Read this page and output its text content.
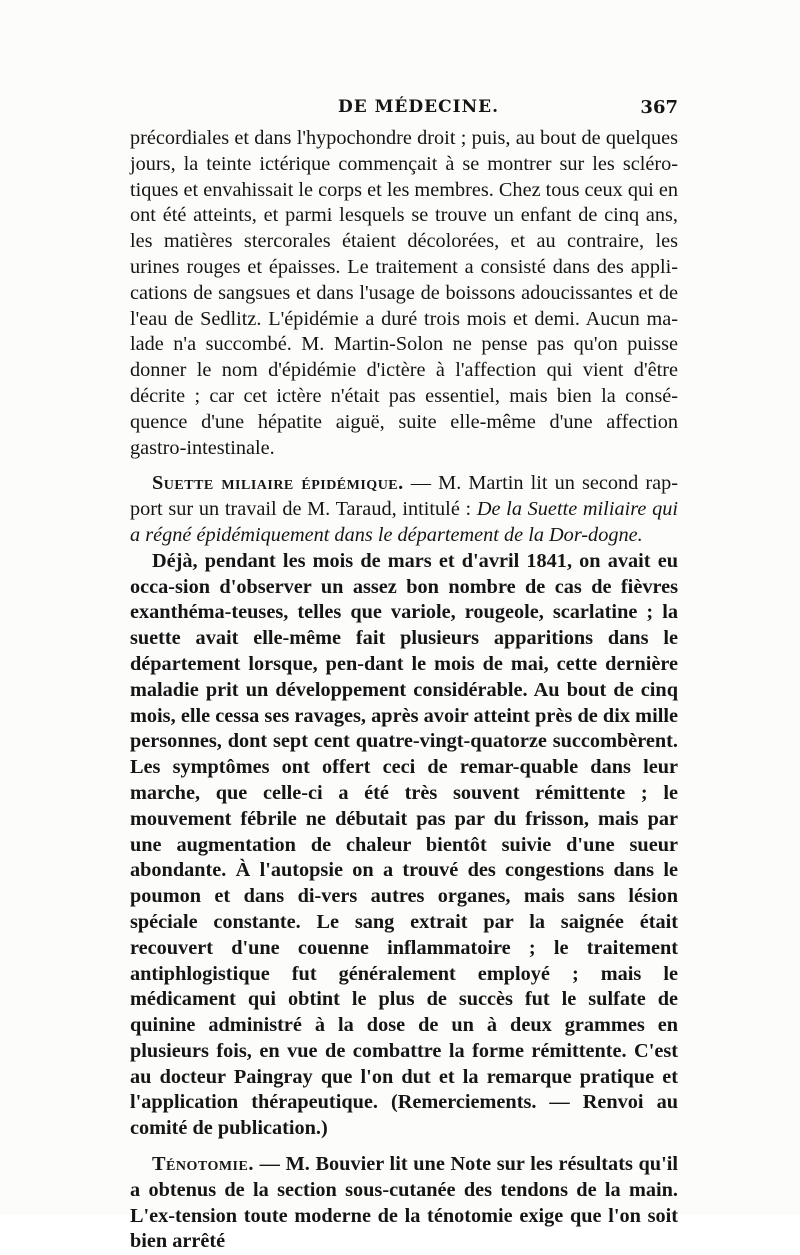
DE MÉDECINE.	367

précordiales et dans l'hypochondre droit ; puis, au bout de quelques jours, la teinte ictérique commençait à se montrer sur les scléro-tiques et envahissait le corps et les membres. Chez tous ceux qui en ont été atteints, et parmi lesquels se trouve un enfant de cinq ans, les matières stercorales étaient décolorées, et au contraire, les urines rouges et épaisses. Le traitement a consisté dans des appli-cations de sangsues et dans l'usage de boissons adoucissantes et de l'eau de Sedlitz. L'épidémie a duré trois mois et demi. Aucun ma-lade n'a succombé. M. Martin-Solon ne pense pas qu'on puisse donner le nom d'épidémie d'ictère à l'affection qui vient d'être décrite ; car cet ictère n'était pas essentiel, mais bien la consé-quence d'une hépatite aiguë, suite elle-même d'une affection gastro-intestinale.

Suette miliaire épidémique. — M. Martin lit un second rap-port sur un travail de M. Taraud, intitulé : De la Suette miliaire qui a régné épidémiquement dans le département de la Dor-dogne.

Déjà, pendant les mois de mars et d'avril 1841, on avait eu occa-sion d'observer un assez bon nombre de cas de fièvres exanthéma-teuses, telles que variole, rougeole, scarlatine ; la suette avait elle-même fait plusieurs apparitions dans le département lorsque, pen-dant le mois de mai, cette dernière maladie prit un développement considérable. Au bout de cinq mois, elle cessa ses ravages, après avoir atteint près de dix mille personnes, dont sept cent quatre-vingt-quatorze succombèrent. Les symptômes ont offert ceci de remar-quable dans leur marche, que celle-ci a été très souvent rémittente ; le mouvement fébrile ne débutait pas par du frisson, mais par une augmentation de chaleur bientôt suivie d'une sueur abondante. À l'autopsie on a trouvé des congestions dans le poumon et dans di-vers autres organes, mais sans lésion spéciale constante. Le sang extrait par la saignée était recouvert d'une couenne inflammatoire ; le traitement antiphlogistique fut généralement employé ; mais le médicament qui obtint le plus de succès fut le sulfate de quinine administré à la dose de un à deux grammes en plusieurs fois, en vue de combattre la forme rémittente. C'est au docteur Paingray que l'on dut et la remarque pratique et l'application thérapeutique. (Remerciements. — Renvoi au comité de publication.)

Ténotomie. — M. Bouvier lit une Note sur les résultats qu'il a obtenus de la section sous-cutanée des tendons de la main. L'ex-tension toute moderne de la ténotomie exige que l'on soit bien arrêté
